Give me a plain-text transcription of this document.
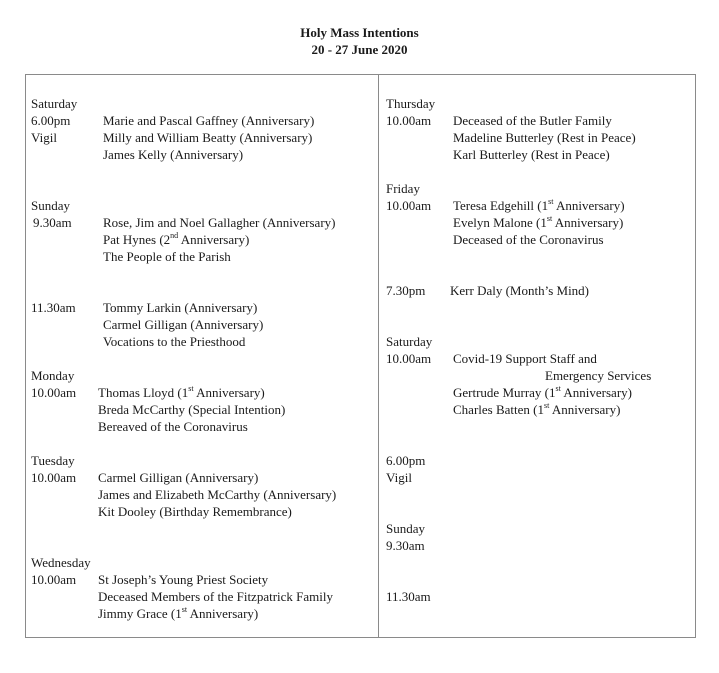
Holy Mass Intentions
20 - 27 June 2020
Saturday
6.00pm
Vigil
Marie and Pascal Gaffney (Anniversary)
Milly and William Beatty (Anniversary)
James Kelly (Anniversary)
Sunday
9.30am Rose, Jim and Noel Gallagher (Anniversary)
Pat Hynes (2nd Anniversary)
The People of the Parish
11.30am Tommy Larkin (Anniversary)
Carmel Gilligan (Anniversary)
Vocations to the Priesthood
Monday
10.00am Thomas Lloyd (1st Anniversary)
Breda McCarthy (Special Intention)
Bereaved of the Coronavirus
Tuesday
10.00am Carmel Gilligan (Anniversary)
James and Elizabeth McCarthy (Anniversary)
Kit Dooley (Birthday Remembrance)
Wednesday
10.00am St Joseph’s Young Priest Society
Deceased Members of the Fitzpatrick Family
Jimmy Grace (1st Anniversary)
Thursday
10.00am Deceased of the Butler Family
Madeline Butterley (Rest in Peace)
Karl Butterley (Rest in Peace)
Friday
10.00am Teresa Edgehill (1st Anniversary)
Evelyn Malone (1st Anniversary)
Deceased of the Coronavirus
7.30pm Kerr Daly (Month’s Mind)
Saturday
10.00am Covid-19 Support Staff and
Emergency Services
Gertrude Murray (1st Anniversary)
Charles Batten (1st Anniversary)
6.00pm
Vigil
Sunday
9.30am
11.30am
